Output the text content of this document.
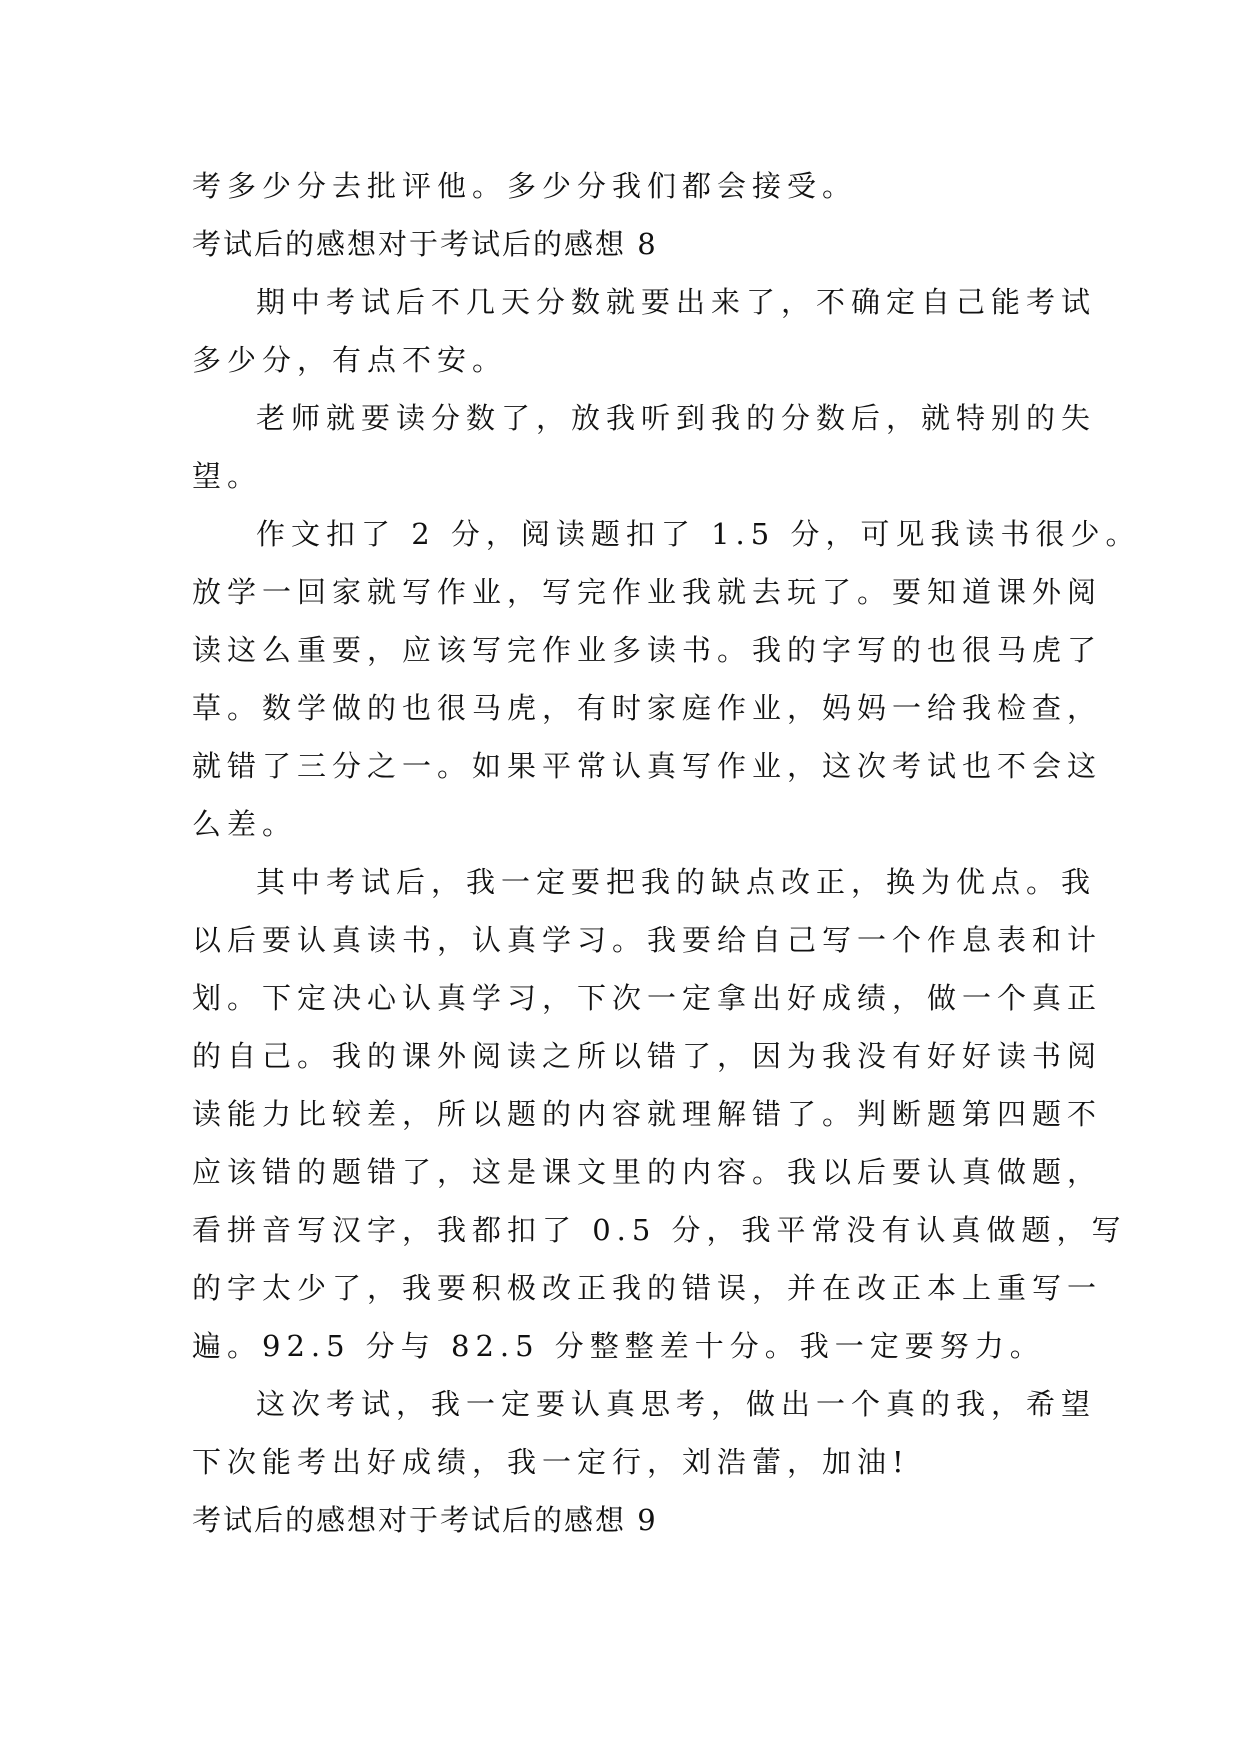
考多少分去批评他。多少分我们都会接受。
考试后的感想对于考试后的感想 8
期中考试后不几天分数就要出来了，不确定自己能考试
多少分，有点不安。
老师就要读分数了，放我听到我的分数后，就特别的失
望。
作文扣了 2 分，阅读题扣了 1.5 分，可见我读书很少。
放学一回家就写作业，写完作业我就去玩了。要知道课外阅
读这么重要，应该写完作业多读书。我的字写的也很马虎了
草。数学做的也很马虎，有时家庭作业，妈妈一给我检查，
就错了三分之一。如果平常认真写作业，这次考试也不会这
么差。
其中考试后，我一定要把我的缺点改正，换为优点。我
以后要认真读书，认真学习。我要给自己写一个作息表和计
划。下定决心认真学习，下次一定拿出好成绩，做一个真正
的自己。我的课外阅读之所以错了，因为我没有好好读书阅
读能力比较差，所以题的内容就理解错了。判断题第四题不
应该错的题错了，这是课文里的内容。我以后要认真做题，
看拼音写汉字，我都扣了 0.5 分，我平常没有认真做题，写
的字太少了，我要积极改正我的错误，并在改正本上重写一
遍。92.5 分与 82.5 分整整差十分。我一定要努力。
这次考试，我一定要认真思考，做出一个真的我，希望
下次能考出好成绩，我一定行，刘浩蕾，加油!
考试后的感想对于考试后的感想 9
